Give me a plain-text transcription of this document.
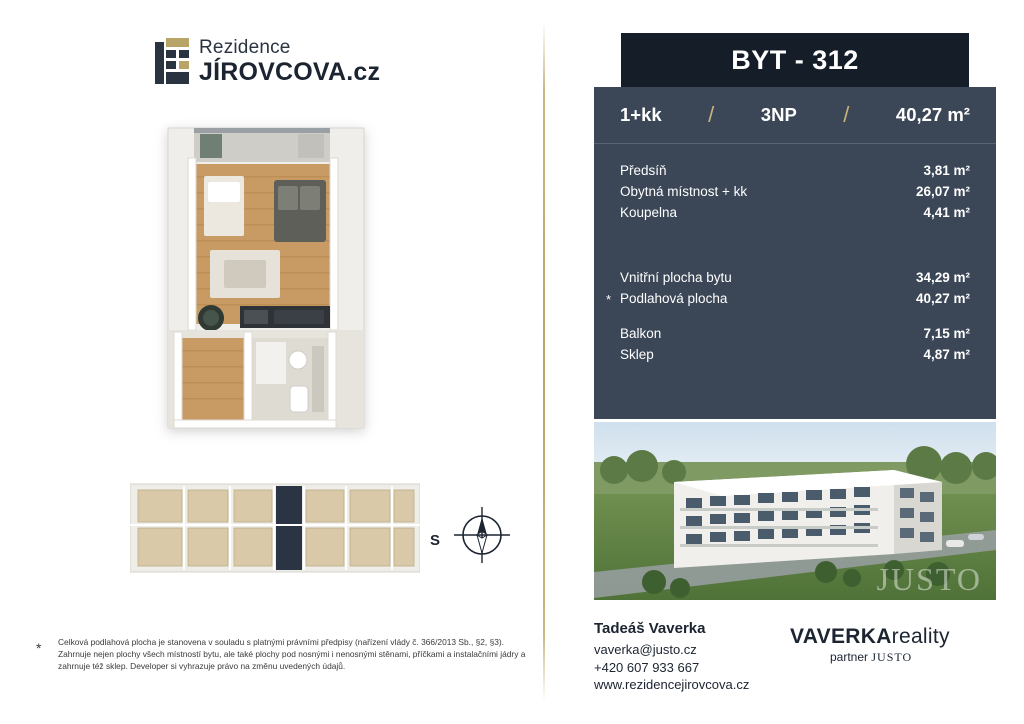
Rezidence
JÍROVCOVA.cz
S
* Celková podlahová plocha je stanovena v souladu s platnými právními předpisy (nařízení vlády č. 366/2013 Sb., §2, §3). Zahrnuje nejen plochy všech místností bytu, ale také plochy pod nosnými i nenosnými stěnami, příčkami a instalačními jádry a zahrnuje též sklep. Developer si vyhrazuje právo na změnu uvedených údajů.

BYT - 312
1+kk /	3NP /	40,27 m²
Předsíň	3,81 m²
Obytná místnost + kk	26,07 m²
Koupelna	4,41 m²
Vnitřní plocha bytu	34,29 m²
* Podlahová plocha	40,27 m²
Balkon	7,15 m²
Sklep	4,87 m²
JUSTO
Tadeáš Vaverka
vaverka@justo.cz
+420 607 933 667
www.rezidencejirovcova.cz
VAVERKAreality
partner JUSTO
